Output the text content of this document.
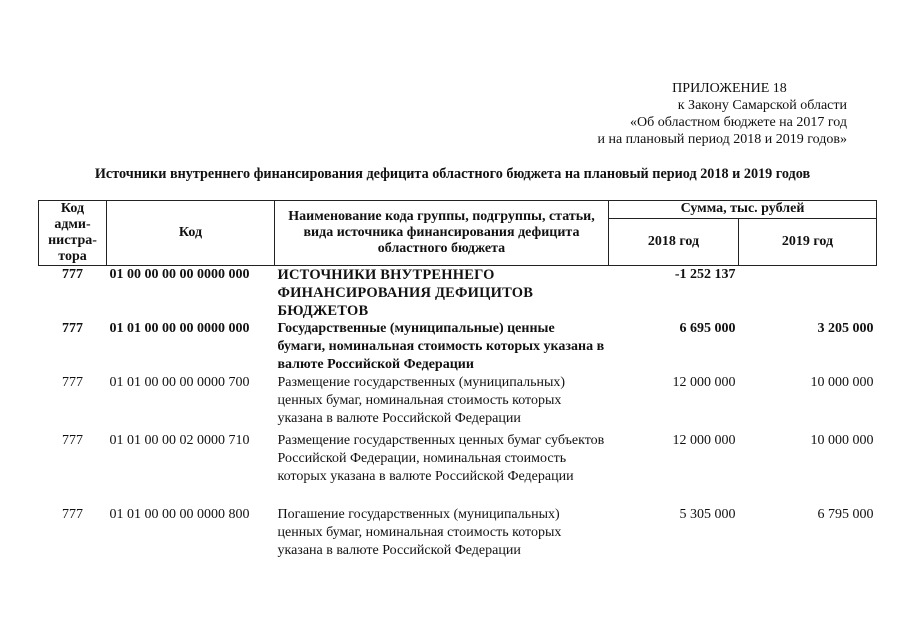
ПРИЛОЖЕНИЕ 18
к Закону Самарской области
«Об областном бюджете на 2017 год
и на плановый период 2018 и 2019 годов»
Источники внутреннего финансирования дефицита областного бюджета на плановый период 2018 и 2019 годов
Код адми-нистра-тора	Код	Наименование кода группы, подгруппы, статьи, вида источника финансирования дефицита областного бюджета	Сумма, тыс. рублей	
			2018 год	2019 год
777	01 00 00 00 00 0000 000	ИСТОЧНИКИ ВНУТРЕННЕГО ФИНАНСИРОВАНИЯ ДЕФИЦИТОВ БЮДЖЕТОВ	-1 252 137	
777	01 01 00 00 00 0000 000	Государственные (муниципальные) ценные бумаги, номинальная стоимость которых указана в валюте Российской Федерации	6 695 000	3 205 000
777	01 01 00 00 00 0000 700	Размещение государственных (муниципальных) ценных бумаг, номинальная стоимость которых указана в валюте Российской Федерации	12 000 000	10 000 000
777	01 01 00 00 02 0000 710	Размещение государственных ценных бумаг субъектов Российской Федерации, номинальная стоимость которых указана в валюте Российской Федерации	12 000 000	10 000 000
777	01 01 00 00 00 0000 800	Погашение государственных (муниципальных) ценных бумаг, номинальная стоимость которых указана в валюте Российской Федерации	5 305 000	6 795 000
